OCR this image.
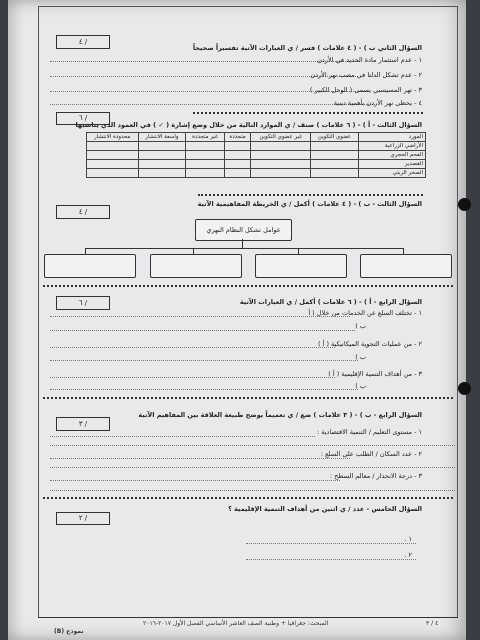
٤ /
السؤال الثاني ب ) - ( ٤ علامات ) فسر / ي العبارات الآتية تفسيراً صحيحاً
١ - عدم استثمار مادة الحديد في الأردن
٢ - عدم تشكل الدلتا في مصب نهر الأردن
٣ - تهر المسيسبي يسمى ( الوحل الكبير )
٤ - يحظى نهر الأردن بأهمية دينية
٦ /
السؤال الثالث - أ ) - ( ٦ علامات ) صنف / ي الموارد التالية من خلال وضع إشارة ( ✓ ) في العمود الذي يناسبها
المورد	عضوي التكوين	غير عضوي التكوين	متجددة	غير متجددة	واسعة الانتشار	محدودة الانتشار
الأراضي الزراعية						
الفحم الحجري						
القصدير						
الصخر الزيتي						
٤ /
السؤال الثالث - ب ) - ( ٤ علامات ) أكمل / ي الخريطة المفاهيمية الآتية
عوامل تشكل النظام النهري
٦ /	السؤال الرابع - أ ) - ( ٦ علامات ) أكمل / ي العبارات الآتية
١ - تختلف السلع عن الخدمات من خلال ( أ
ب )
٢ - من عمليات التجوية الميكانيكية ( أ )
ب )
٣ - من أهداف التنمية الإقليمية ( أ )
ب )
٣ /
السؤال الرابع - ب ) - ( ٣ علامات ) ضع / ي تعميماً يوضح طبيعة العلاقة بين المفاهيم الآتية
١ - مستوى التعليم / التنمية الاقتصادية :
٢ - عدد السكان / الطلب على السلع :
٣ - درجة الانحدار / معالم السطح :
٢ /
السؤال الخامس - عدد / ي اثنين من أهداف التنمية الإقليمية ؟
١ .
٢ .
المبحث: جغرافيا + وطنية الصف العاشر الأساسي الفصل الأول ٢٠١٧-٢٠١٦	٤ / ٣
نموذج (B)
